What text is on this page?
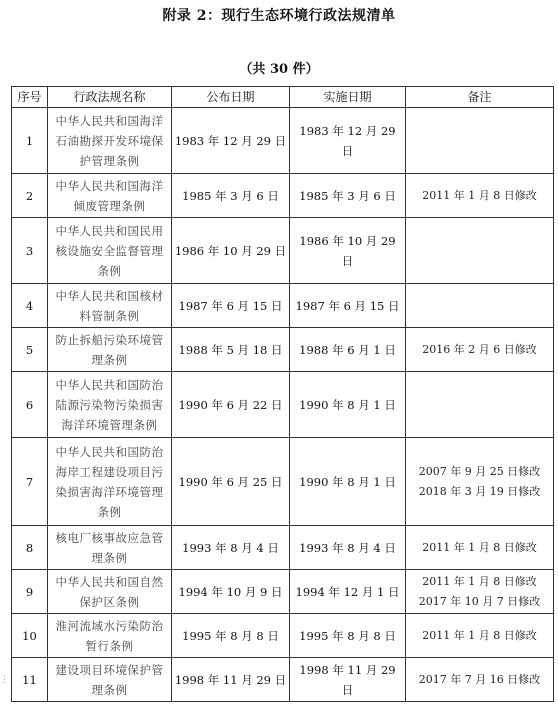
附录 2：现行生态环境行政法规清单
（共 30 件）
⋮
序号	行政法规名称	公布日期	实施日期	备注
1	中华人民共和国海洋石油勘探开发环境保护管理条例	1983 年 12 月 29 日	1983 年 12 月 29 日	
2	中华人民共和国海洋倾废管理条例	1985 年 3 月 6 日	1985 年 3 月 6 日	2011 年 1 月 8 日修改

3	中华人民共和国民用核设施安全监督管理条例	1986 年 10 月 29 日	1986 年 10 月 29 日	
4	中华人民共和国核材料管制条例	1987 年 6 月 15 日	1987 年 6 月 15 日	
5	防止拆船污染环境管理条例	1988 年 5 月 18 日	1988 年 6 月 1 日	2016 年 2 月 6 日修改

6	中华人民共和国防治陆源污染物污染损害海洋环境管理条例	1990 年 6 月 22 日	1990 年 8 月 1 日	
7	中华人民共和国防治海岸工程建设项目污染损害海洋环境管理条例	1990 年 6 月 25 日	1990 年 8 月 1 日	2007 年 9 月 25 日修改
2018 年 3 月 19 日修改

8	核电厂核事故应急管理条例	1993 年 8 月 4 日	1993 年 8 月 4 日	2011 年 1 月 8 日修改

9	中华人民共和国自然保护区条例	1994 年 10 月 9 日	1994 年 12 月 1 日	2011 年 1 月 8 日修改
2017 年 10 月 7 日修改

10	淮河流域水污染防治暂行条例	1995 年 8 月 8 日	1995 年 8 月 8 日	2011 年 1 月 8 日修改

11	建设项目环境保护管理条例	1998 年 11 月 29 日	1998 年 11 月 29 日	2017 年 7 月 16 日修改
